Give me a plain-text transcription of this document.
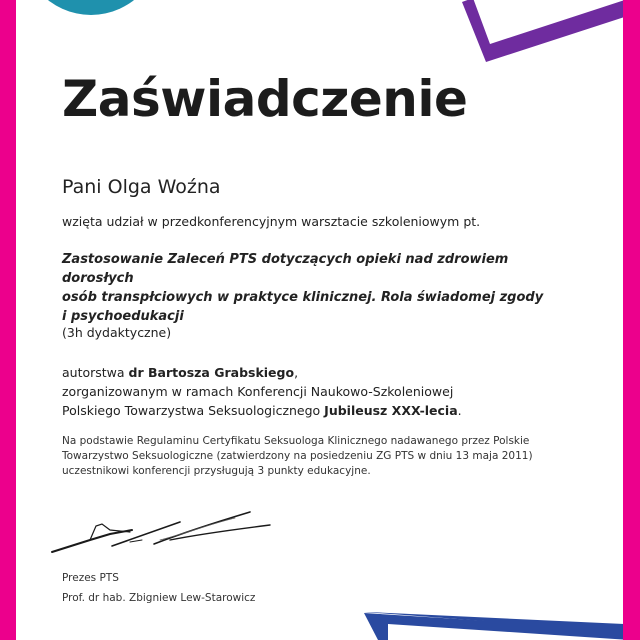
Zaświadczenie
Pani Olga Woźna
wzięta udział w przedkonferencyjnym warsztacie szkoleniowym pt.
Zastosowanie Zaleceń PTS dotyczących opieki nad zdrowiem dorosłych
osób transpłciowych w praktyce klinicznej. Rola świadomej zgody
i psychoedukacji
(3h dydaktyczne)
autorstwa dr Bartosza Grabskiego,
zorganizowanym w ramach Konferencji Naukowo-Szkoleniowej
Polskiego Towarzystwa Seksuologicznego Jubileusz XXX-lecia.
Na podstawie Regulaminu Certyfikatu Seksuologa Klinicznego nadawanego przez Polskie
Towarzystwo Seksuologiczne (zatwierdzony na posiedzeniu ZG PTS w dniu 13 maja 2011)
uczestnikowi konferencji przysługują 3 punkty edukacyjne.
Prezes PTS
Prof. dr hab. Zbigniew Lew-Starowicz
